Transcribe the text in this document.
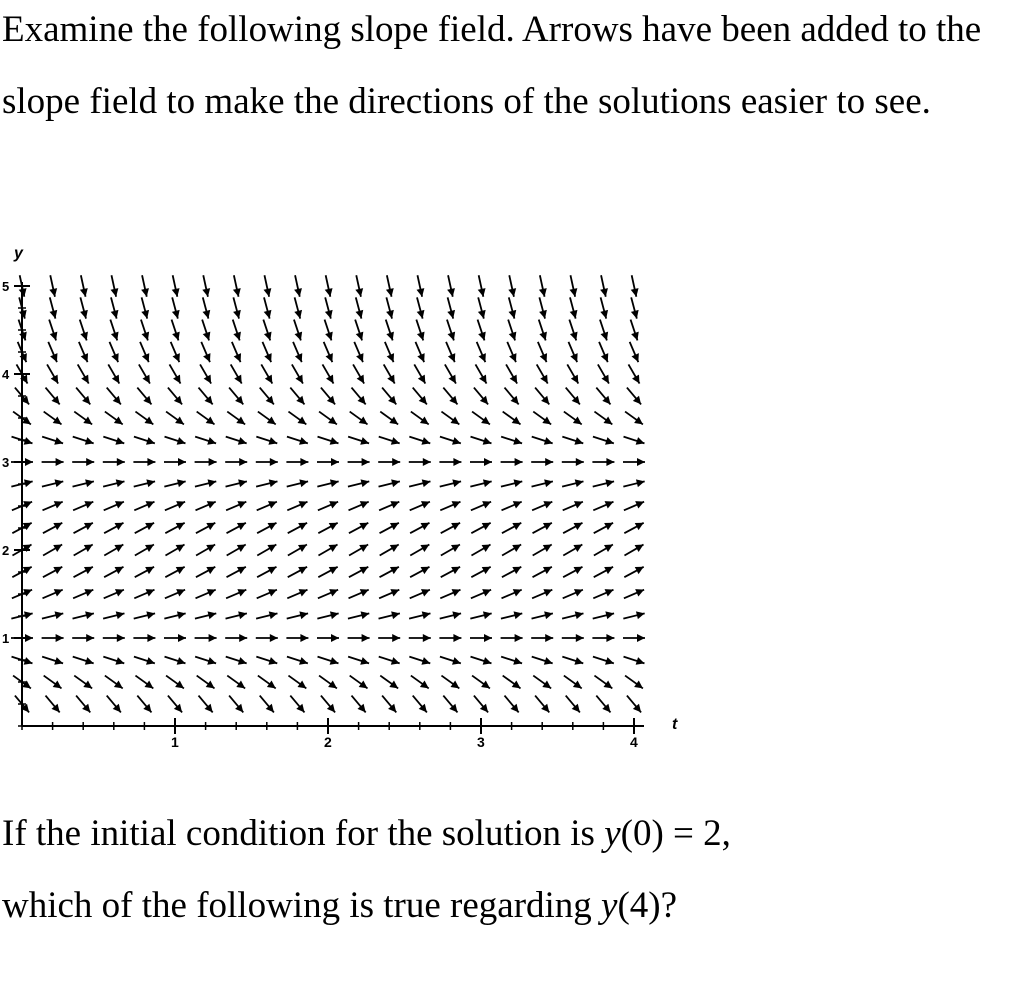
Examine the following slope field. Arrows have been added to the slope field to make the directions of the solutions easier to see.

y
t
1	2	3	4
1
2
3
4
5

If the initial condition for the solution is y(0) = 2,
which of the following is true regarding y(4)?
